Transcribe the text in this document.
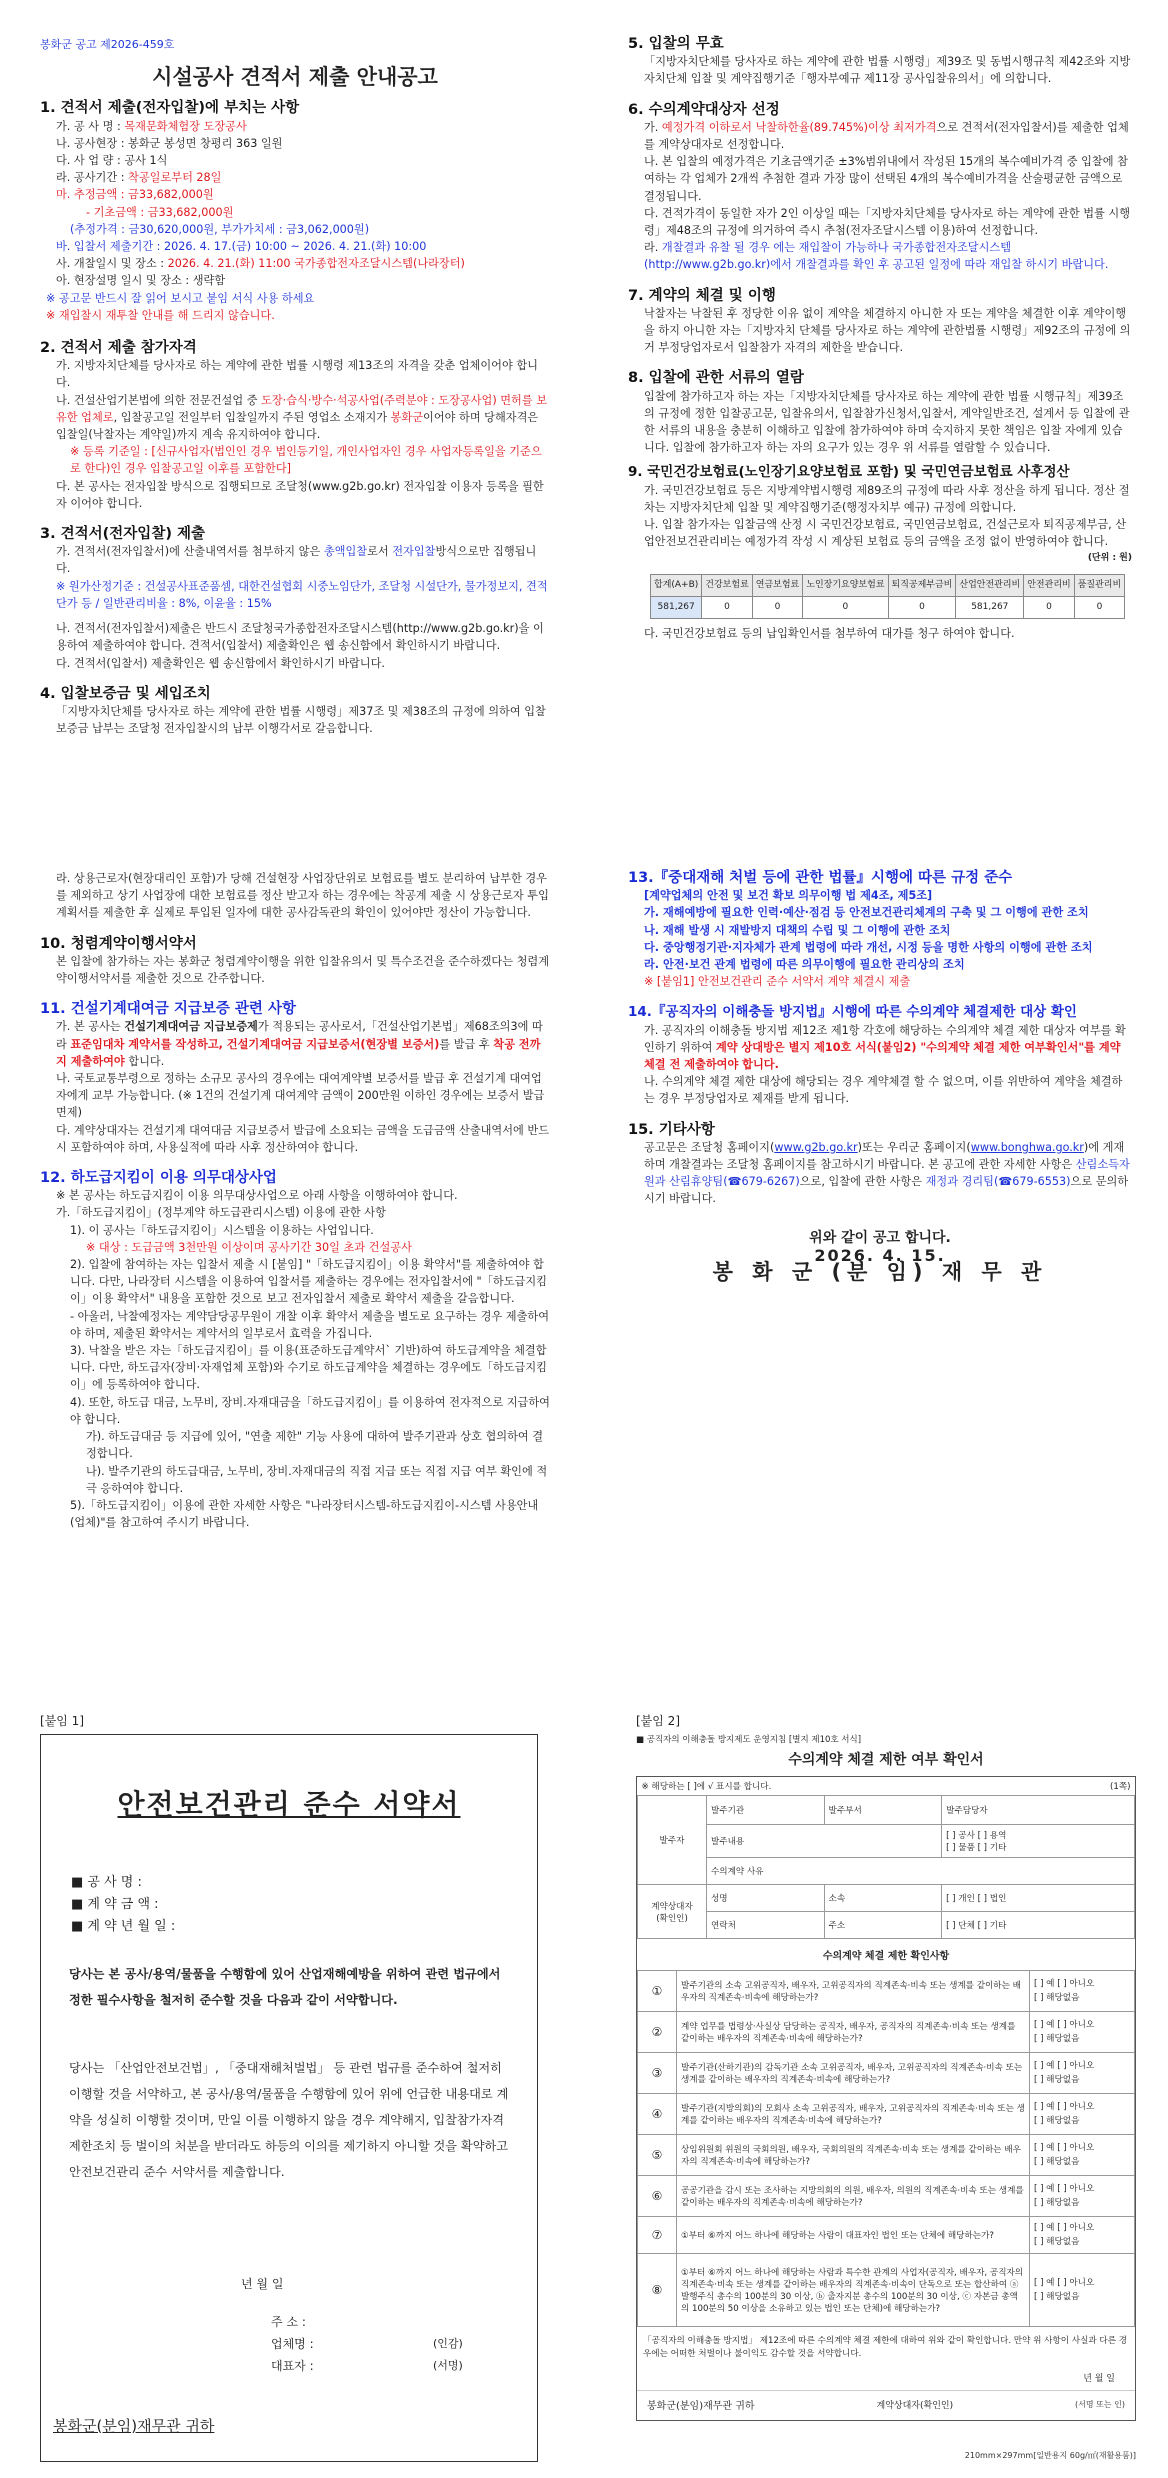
봉화군 공고 제2026-459호

시설공사 견적서 제출 안내공고

1. 견적서 제출(전자입찰)에 부치는 사항

가. 공 사 명 : 목재문화체험장 도장공사

나. 공사현장 : 봉화군 봉성면 창평리 363 일원

다. 사 업 량 : 공사 1식

라. 공사기간 : 착공일로부터 28일

마. 추정금액 : 금33,682,000원

- 기초금액 : 금33,682,000원

(추정가격 : 금30,620,000원, 부가가치세 : 금3,062,000원)

바. 입찰서 제출기간 : 2026. 4. 17.(금) 10:00 ~ 2026. 4. 21.(화) 10:00

사. 개찰일시 및 장소 : 2026. 4. 21.(화) 11:00 국가종합전자조달시스템(나라장터)

아. 현장설명 일시 및 장소 : 생략함

※ 공고문 반드시 잘 읽어 보시고 붙임 서식 사용 하세요

※ 재입찰시 재투찰 안내를 해 드리지 않습니다.

2. 견적서 제출 참가자격

가. 지방자치단체를 당사자로 하는 계약에 관한 법률 시행령 제13조의 자격을 갖춘 업체이어야 합니다.

나. 건설산업기본법에 의한 전문건설업 중 도장·습식·방수·석공사업(주력분야 : 도장공사업) 면허를 보유한 업체로, 입찰공고일 전일부터 입찰일까지 주된 영업소 소재지가 봉화군이어야 하며 당해자격은 입찰일(낙찰자는 계약일)까지 계속 유지하여야 합니다.

※ 등록 기준일 : [신규사업자(법인인 경우 법인등기일, 개인사업자인 경우 사업자등록일을 기준으로 한다)인 경우 입찰공고일 이후를 포함한다]

다. 본 공사는 전자입찰 방식으로 집행되므로 조달청(www.g2b.go.kr) 전자입찰 이용자 등록을 필한 자 이어야 합니다.

3. 견적서(전자입찰) 제출

가. 견적서(전자입찰서)에 산출내역서를 첨부하지 않은 총액입찰로서 전자입찰방식으로만 집행됩니다.

※ 원가산정기준 : 건설공사표준품셈, 대한건설협회 시중노임단가, 조달청 시설단가, 물가정보지, 견적단가 등 / 일반관리비율 : 8%, 이윤율 : 15%

나. 견적서(전자입찰서)제출은 반드시 조달청국가종합전자조달시스템(http://www.g2b.go.kr)을 이용하여 제출하여야 합니다. 견적서(입찰서) 제출확인은 웹 송신함에서 확인하시기 바랍니다.

다. 견적서(입찰서) 제출확인은 웹 송신함에서 확인하시기 바랍니다.

4. 입찰보증금 및 세입조치

「지방자치단체를 당사자로 하는 계약에 관한 법률 시행령」제37조 및 제38조의 규정에 의하여 입찰보증금 납부는 조달청 전자입찰시의 납부 이행각서로 갈음합니다.

5. 입찰의 무효

「지방자치단체를 당사자로 하는 계약에 관한 법률 시행령」제39조 및 동법시행규칙 제42조와 지방자치단체 입찰 및 계약집행기준「행자부예규 제11장 공사입찰유의서」에 의합니다.

6. 수의계약대상자 선정

가. 예정가격 이하로서 낙찰하한율(89.745%)이상 최저가격으로 견적서(전자입찰서)를 제출한 업체를 계약상대자로 선정합니다.

나. 본 입찰의 예정가격은 기초금액기준 ±3%범위내에서 작성된 15개의 복수예비가격 중 입찰에 참여하는 각 업체가 2개씩 추첨한 결과 가장 많이 선택된 4개의 복수예비가격을 산술평균한 금액으로 결정됩니다.

다. 견적가격이 동일한 자가 2인 이상일 때는「지방자치단체를 당사자로 하는 계약에 관한 법률 시행령」제48조의 규정에 의거하여 즉시 추첨(전자조달시스템 이용)하여 선정합니다.

라. 개찰결과 유찰 될 경우 에는 재입찰이 가능하나 국가종합전자조달시스템(http://www.g2b.go.kr)에서 개찰결과를 확인 후 공고된 일정에 따라 재입찰 하시기 바랍니다.

7. 계약의 체결 및 이행

낙찰자는 낙찰된 후 정당한 이유 없이 계약을 체결하지 아니한 자 또는 계약을 체결한 이후 계약이행을 하지 아니한 자는「지방자치 단체를 당사자로 하는 계약에 관한법률 시행령」제92조의 규정에 의거 부정당업자로서 입찰참가 자격의 제한을 받습니다.

8. 입찰에 관한 서류의 열람

입찰에 참가하고자 하는 자는「지방자치단체를 당사자로 하는 계약에 관한 법률 시행규칙」제39조의 규정에 정한 입찰공고문, 입찰유의서, 입찰참가신청서,입찰서, 계약일반조건, 설계서 등 입찰에 관한 서류의 내용을 충분히 이해하고 입찰에 참가하여야 하며 숙지하지 못한 책임은 입찰 자에게 있습니다. 입찰에 참가하고자 하는 자의 요구가 있는 경우 위 서류를 열람할 수 있습니다.

9. 국민건강보험료(노인장기요양보험료 포함) 및 국민연금보험료 사후정산

가. 국민건강보험료 등은 지방계약법시행령 제89조의 규정에 따라 사후 정산을 하게 됩니다. 정산 절차는 지방자치단체 입찰 및 계약집행기준(행정자치부 예규) 규정에 의합니다.

나. 입찰 참가자는 입찰금액 산정 시 국민건강보험료, 국민연금보험료, 건설근로자 퇴직공제부금, 산업안전보건관리비는 예정가격 작성 시 계상된 보험료 등의 금액을 조정 없이 반영하여야 합니다.

(단위 : 원)

합계(A+B)	건강보험료	연금보험료	노인장기요양보험료	퇴직공제부금비	산업안전관리비	안전관리비	품질관리비
581,267	0	0	0	0	581,267	0	0

다. 국민건강보험료 등의 납입확인서를 첨부하여 대가를 청구 하여야 합니다.

라. 상용근로자(현장대리인 포함)가 당해 건설현장 사업장단위로 보험료를 별도 분리하여 납부한 경우를 제외하고 상기 사업장에 대한 보험료를 정산 받고자 하는 경우에는 착공계 제출 시 상용근로자 투입계획서를 제출한 후 실제로 투입된 일자에 대한 공사감독관의 확인이 있어야만 정산이 가능합니다.

10. 청렴계약이행서약서

본 입찰에 참가하는 자는 봉화군 청렴계약이행을 위한 입찰유의서 및 특수조건을 준수하겠다는 청렴계약이행서약서를 제출한 것으로 간주합니다.

11. 건설기계대여금 지급보증 관련 사항

가. 본 공사는 건설기계대여금 지급보증제가 적용되는 공사로서,「건설산업기본법」제68조의3에 따라 표준임대차 계약서를 작성하고, 건설기계대여금 지급보증서(현장별 보증서)를 발급 후 착공 전까지 제출하여야 합니다.

나. 국토교통부령으로 정하는 소규모 공사의 경우에는 대여계약별 보증서를 발급 후 건설기계 대여업자에게 교부 가능합니다. (※ 1건의 건설기계 대여계약 금액이 200만원 이하인 경우에는 보증서 발급 면제)

다. 계약상대자는 건설기계 대여대금 지급보증서 발급에 소요되는 금액을 도급금액 산출내역서에 반드시 포함하여야 하며, 사용실적에 따라 사후 정산하여야 합니다.

12. 하도급지킴이 이용 의무대상사업

※ 본 공사는 하도급지킴이 이용 의무대상사업으로 아래 사항을 이행하여야 합니다.

가.「하도급지킴이」(정부계약 하도급관리시스템) 이용에 관한 사항

1). 이 공사는「하도급지킴이」시스템을 이용하는 사업입니다.

※ 대상 : 도급금액 3천만원 이상이며 공사기간 30일 초과 건설공사

2). 입찰에 참여하는 자는 입찰서 제출 시 [붙임] "「하도급지킴이」이용 확약서"를 제출하여야 합니다. 다만, 나라장터 시스템을 이용하여 입찰서를 제출하는 경우에는 전자입찰서에 "「하도급지킴이」이용 확약서" 내용을 포함한 것으로 보고 전자입찰서 제출로 확약서 제출을 갈음합니다.

- 아울러, 낙찰예정자는 계약담당공무원이 개찰 이후 확약서 제출을 별도로 요구하는 경우 제출하여야 하며, 제출된 확약서는 계약서의 일부로서 효력을 가집니다.

3). 낙찰을 받은 자는「하도급지킴이」를 이용(표준하도급계약서` 기반)하여 하도급계약을 체결합니다. 다만, 하도급자(장비·자재업체 포함)와 수기로 하도급계약을 체결하는 경우에도「하도급지킴이」에 등록하여야 합니다.

4). 또한, 하도급 대금, 노무비, 장비.자재대금을「하도급지킴이」를 이용하여 전자적으로 지급하여야 합니다.

가). 하도급대금 등 지급에 있어, "연출 제한" 기능 사용에 대하여 발주기관과 상호 협의하여 결정합니다.

나). 발주기관의 하도급대금, 노무비, 장비.자재대금의 직접 지급 또는 직접 지급 여부 확인에 적극 응하여야 합니다.

5).「하도급지킴이」이용에 관한 자세한 사항은 "나라장터시스템-하도급지킴이-시스템 사용안내(업체)"를 참고하여 주시기 바랍니다.

13.『중대재해 처벌 등에 관한 법률』시행에 따른 규정 준수

[계약업체의 안전 및 보건 확보 의무이행 법 제4조, 제5조]

가. 재해예방에 필요한 인력·예산·점검 등 안전보건관리체계의 구축 및 그 이행에 관한 조치

나. 재해 발생 시 재발방지 대책의 수립 및 그 이행에 관한 조치

다. 중앙행정기관·지자체가 관계 법령에 따라 개선, 시정 등을 명한 사항의 이행에 관한 조치

라. 안전·보건 관계 법령에 따른 의무이행에 필요한 관리상의 조치

※ [붙임1] 안전보건관리 준수 서약서 계약 체결시 제출

14.『공직자의 이해충돌 방지법』시행에 따른 수의계약 체결제한 대상 확인

가. 공직자의 이해충돌 방지법 제12조 제1항 각호에 해당하는 수의계약 체결 제한 대상자 여부를 확인하기 위하여 계약 상대방은 별지 제10호 서식(붙임2) "수의계약 체결 제한 여부확인서"를 계약 체결 전 제출하여야 합니다.

나. 수의계약 체결 제한 대상에 해당되는 경우 계약체결 할 수 없으며, 이를 위반하여 계약을 체결하는 경우 부정당업자로 제재를 받게 됩니다.

15. 기타사항

공고문은 조달청 홈페이지(www.g2b.go.kr)또는 우리군 홈페이지(www.bonghwa.go.kr)에 게재하며 개찰결과는 조달청 홈페이지를 참고하시기 바랍니다. 본 공고에 관한 자세한 사항은 산림소득자원과 산림휴양팀(☎679-6267)으로, 입찰에 관한 사항은 재정과 경리팀(☎679-6553)으로 문의하시기 바랍니다.

위와 같이 공고 합니다.

2026. 4. 15.

봉 화 군 (분 임) 재 무 관

[붙임 1]
안전보건관리 준수 서약서
■ 공 사 명 :
■ 계 약 금 액 :
■ 계 약 년 월 일 :
당사는 본 공사/용역/물품을 수행함에 있어 산업재해예방을 위하여 관련 법규에서 정한 필수사항을 철저히 준수할 것을 다음과 같이 서약합니다.
당사는 「산업안전보건법」, 「중대재해처벌법」 등 관련 법규를 준수하여 철저히 이행할 것을 서약하고, 본 공사/용역/물품을 수행함에 있어 위에 언급한 내용대로 계약을 성실히 이행할 것이며, 만일 이를 이행하지 않을 경우 계약해지, 입찰참가자격제한조치 등 벌이의 처분을 받더라도 하등의 이의를 제기하지 아니할 것을 확약하고 안전보건관리 준수 서약서를 제출합니다.
년 월 일
주 소 :
업체명 :	(인감)
대표자 :	(서명)
봉화군(분임)재무관 귀하
[붙임 2]
■ 공직자의 이해충돌 방지제도 운영지침 [별지 제10호 서식]

수의계약 체결 제한 여부 확인서

※ 해당하는 [ ]에 √ 표시를 합니다.			(1쪽)
발주자	발주기관	발주부서	발주담당자
	발주내용		[ ] 공사 [ ] 용역
[ ] 물품 [ ] 기타
	수의계약 사유		
계약상대자
(확인인)	성명	소속	[ ] 개인 [ ] 법인
	연락처	주소	[ ] 단체 [ ] 기타
수의계약 체결 제한 확인사항
①	발주기관의 소속 고위공직자, 배우자, 고위공직자의 직계존속·비속 또는 생계를 같이하는 배우자의 직계존속·비속에 해당하는가?	[ ] 예 [ ] 아니오
[ ] 해당없음
②	계약 업무를 법령상·사실상 담당하는 공직자, 배우자, 공직자의 직계존속·비속 또는 생계를 같이하는 배우자의 직계존속·비속에 해당하는가?	[ ] 예 [ ] 아니오
[ ] 해당없음
③	발주기관(산하기관)의 감독기관 소속 고위공직자, 배우자, 고위공직자의 직계존속·비속 또는 생계를 같이하는 배우자의 직계존속·비속에 해당하는가?	[ ] 예 [ ] 아니오
[ ] 해당없음
④	발주기관(지방의회)의 모회사 소속 고위공직자, 배우자, 고위공직자의 직계존속·비속 또는 생계를 같이하는 배우자의 직계존속·비속에 해당하는가?	[ ] 예 [ ] 아니오
[ ] 해당없음
⑤	상임위원회 위원의 국회의원, 배우자, 국회의원의 직계존속·비속 또는 생계를 같이하는 배우자의 직계존속·비속에 해당하는가?	[ ] 예 [ ] 아니오
[ ] 해당없음
⑥	공공기관을 감시 또는 조사하는 지방의회의 의원, 배우자, 의원의 직계존속·비속 또는 생계를 같이하는 배우자의 직계존속·비속에 해당하는가?	[ ] 예 [ ] 아니오
[ ] 해당없음
⑦	①부터 ⑥까지 어느 하나에 해당하는 사람이 대표자인 법인 또는 단체에 해당하는가?	[ ] 예 [ ] 아니오
[ ] 해당없음
⑧	①부터 ⑥까지 어느 하나에 해당하는 사람과 특수한 관계의 사업자(공직자, 배우자, 공직자의 직계존속·비속 또는 생계를 같이하는 배우자의 직계존속·비속이 단독으로 또는 합산하여 ⓐ 발행주식 총수의 100분의 30 이상, ⓑ 출자지분 총수의 100분의 30 이상, ⓒ 자본금 총액의 100분의 50 이상을 소유하고 있는 법인 또는 단체)에 해당하는가?	[ ] 예 [ ] 아니오
[ ] 해당없음
「공직자의 이해충돌 방지법」 제12조에 따른 수의계약 체결 제한에 대하여 위와 같이 확인합니다. 만약 위 사항이 사실과 다른 경우에는 어떠한 처벌이나 불이익도 감수할 것을 서약합니다.
년 월 일
봉화군(분임)재무관 귀하	계약상대자(확인인)	(서명 또는 인)
210mm×297mm[일반용지 60g/㎡(재활용품)]
